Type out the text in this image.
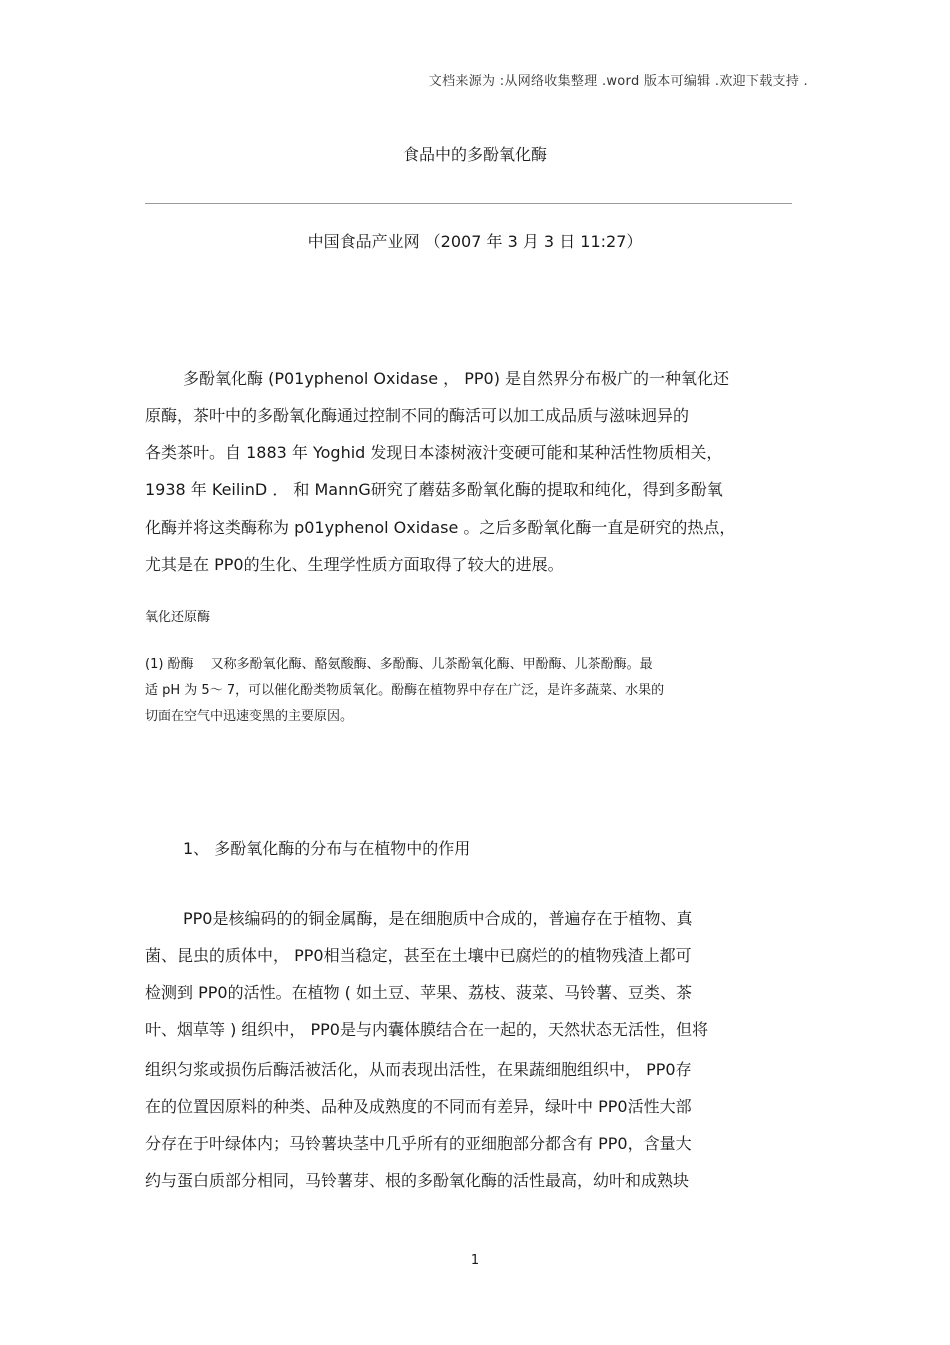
文档来源为 :从网络收集整理 .word 版本可编辑 .欢迎下载支持 .
食品中的多酚氧化酶
中国食品产业网 （2007 年 3 月 3 日 11:27）
多酚氧化酶 (P01yphenol Oxidase ， PP0) 是自然界分布极广的一种氧化还
原酶，茶叶中的多酚氧化酶通过控制不同的酶活可以加工成品质与滋味迥异的
各类茶叶。自 1883 年 Yoghid 发现日本漆树液汁变硬可能和某种活性物质相关，
1938 年 KeilinD ． 和 MannG研究了蘑菇多酚氧化酶的提取和纯化，得到多酚氧
化酶并将这类酶称为 p01yphenol Oxidase 。之后多酚氧化酶一直是研究的热点，
尤其是在 PP0的生化、生理学性质方面取得了较大的进展。
氧化还原酶
(1) 酚酶　 又称多酚氧化酶、酪氨酸酶、多酚酶、儿茶酚氧化酶、甲酚酶、儿茶酚酶。最
适 pH 为 5～ 7，可以催化酚类物质氧化。酚酶在植物界中存在广泛，是许多蔬菜、水果的
切面在空气中迅速变黑的主要原因。
1、 多酚氧化酶的分布与在植物中的作用
PP0是核编码的的铜金属酶，是在细胞质中合成的，普遍存在于植物、真
菌、昆虫的质体中， PP0相当稳定，甚至在土壤中已腐烂的的植物残渣上都可
检测到 PP0的活性。在植物 ( 如土豆、苹果、荔枝、菠菜、马铃薯、豆类、茶
叶、烟草等 ) 组织中， PP0是与内囊体膜结合在一起的，天然状态无活性，但将
组织匀浆或损伤后酶活被活化，从而表现出活性，在果蔬细胞组织中， PP0存
在的位置因原料的种类、品种及成熟度的不同而有差异，绿叶中 PP0活性大部
分存在于叶绿体内；马铃薯块茎中几乎所有的亚细胞部分都含有 PP0，含量大
约与蛋白质部分相同，马铃薯芽、根的多酚氧化酶的活性最高，幼叶和成熟块
1
